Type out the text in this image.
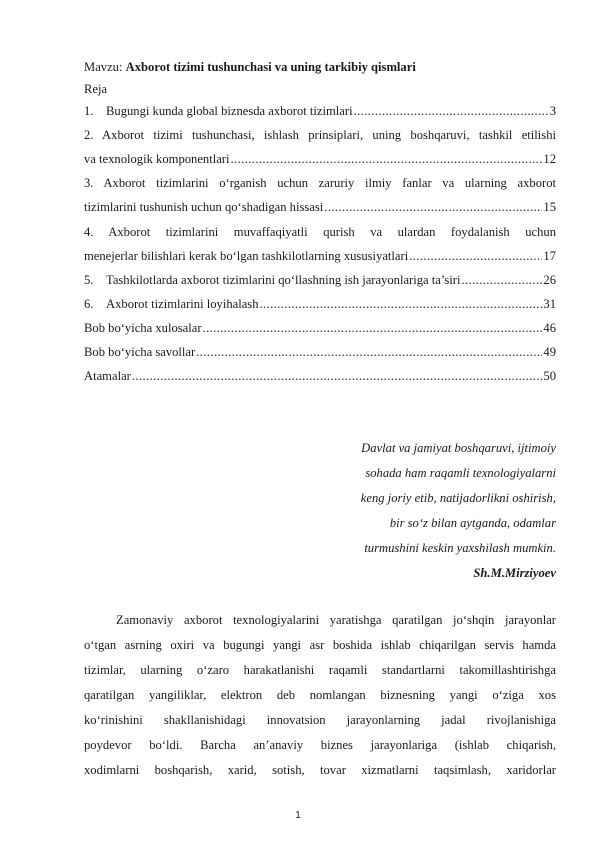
Mavzu: Axborot tizimi tushunchasi va uning tarkibiy qismlari
Reja
1. Bugungi kunda global biznesda axborot tizimlari .....	3
2. Axborot tizimi tushunchasi, ishlash prinsiplari, uning boshqaruvi, tashkil etilishi
va texnologik komponentlari .....	12
3. Axborot tizimlarini o‘rganish uchun zaruriy ilmiy fanlar va ularning axborot
tizimlarini tushunish uchun qo‘shadigan hissasi .....	15
4. Axborot tizimlarini muvaffaqiyatli qurish va ulardan foydalanish uchun
menejerlar bilishlari kerak bo‘lgan tashkilotlarning xususiyatlari .....	17
5. Tashkilotlarda axborot tizimlarini qo‘llashning ish jarayonlariga ta’siri .....	26
6. Axborot tizimlarini loyihalash .....	31
Bob bo‘yicha xulosalar .....	46
Bob bo‘yicha savollar .....	49
Atamalar .....	50
Davlat va jamiyat boshqaruvi, ijtimoiy
sohada ham raqamli texnologiyalarni
keng joriy etib, natijadorlikni oshirish,
bir so‘z bilan aytganda, odamlar
turmushini keskin yaxshilash mumkin.
Sh.M.Mirziyoev
Zamonaviy axborot texnologiyalarini yaratishga qaratilgan jo‘shqin jarayonlar
o‘tgan asrning oxiri va bugungi yangi asr boshida ishlab chiqarilgan servis hamda
tizimlar, ularning o‘zaro harakatlanishi raqamli standartlarni takomillashtirishga
qaratilgan yangiliklar, elektron deb nomlangan biznesning yangi o‘ziga xos
ko‘rinishini shakllanishidagi innovatsion jarayonlarning jadal rivojlanishiga
poydevor bo‘ldi. Barcha an’anaviy biznes jarayonlariga (ishlab chiqarish,
xodimlarni boshqarish, xarid, sotish, tovar xizmatlarni taqsimlash, xaridorlar
1
